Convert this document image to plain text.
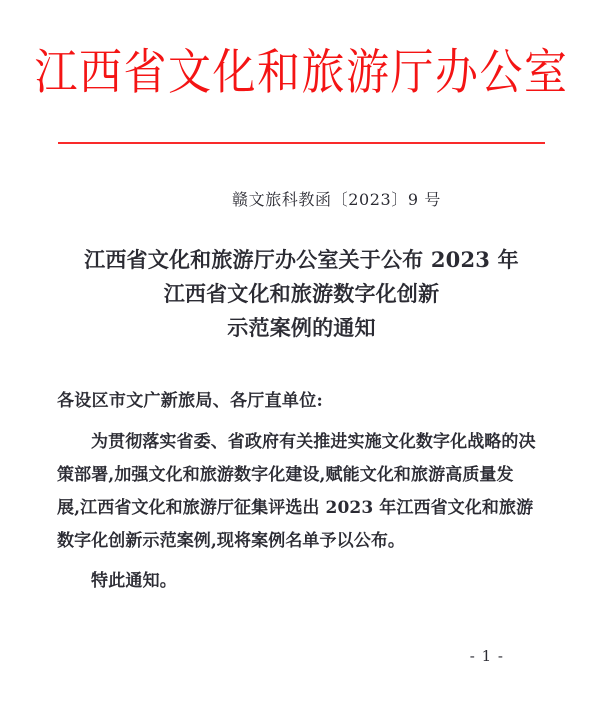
江西省文化和旅游厅办公室
赣文旅科教函〔2023〕9 号
江西省文化和旅游厅办公室关于公布 2023 年
江西省文化和旅游数字化创新
示范案例的通知
各设区市文广新旅局、各厅直单位:
为贯彻落实省委、省政府有关推进实施文化数字化战略的决
策部署,加强文化和旅游数字化建设,赋能文化和旅游高质量发
展,江西省文化和旅游厅征集评选出 2023 年江西省文化和旅游
数字化创新示范案例,现将案例名单予以公布。
特此通知。
- 1 -
